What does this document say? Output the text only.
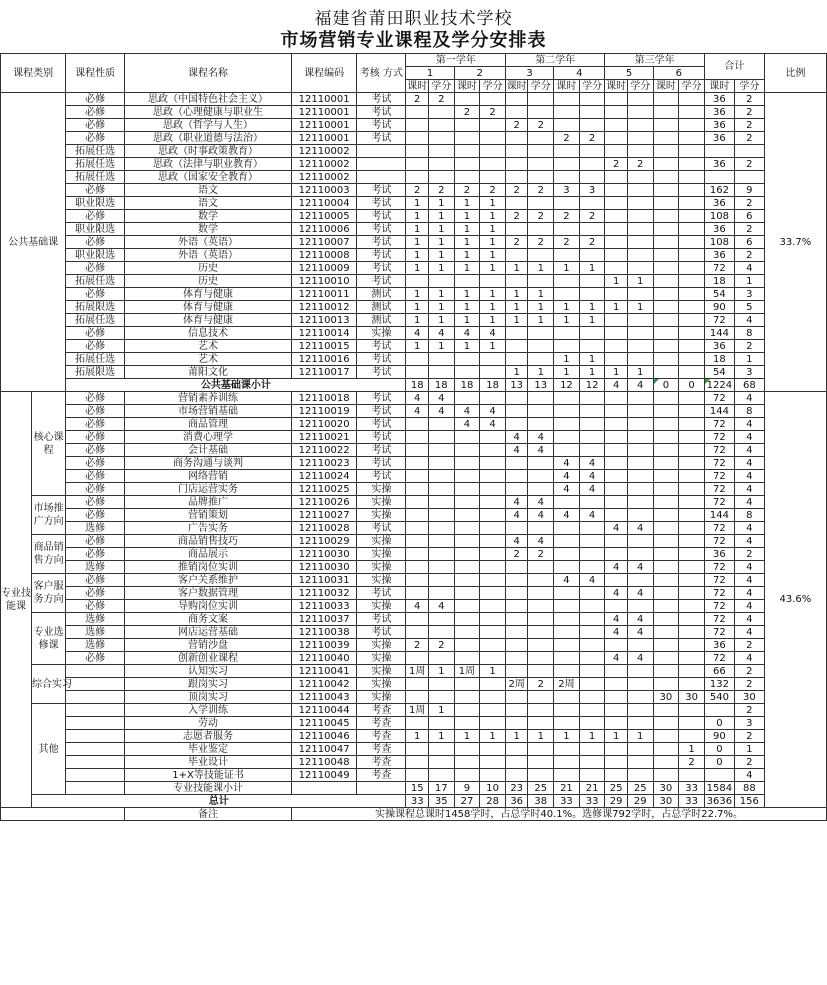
福建省莆田职业技术学校
市场营销专业课程及学分安排表
课程类别		课程性质	课程名称	课程编码	考核 方式	第一学年				第二学年				第三学年				合计		比例
						1		2		3		4		5		6				
						课时	学分	课时	学分	课时	学分	课时	学分	课时	学分	课时	学分	课时	学分	
公共基础课		必修	思政（中国特色社会主义）	12110001	考试	2	2											36	2	33.7%
		必修	思政（心理健康与职业生	12110001	考试			2	2									36	2	
		必修	思政（哲学与人生）	12110001	考试					2	2							36	2	
		必修	思政（职业道德与法治）	12110001	考试							2	2					36	2	
		拓展任选	思政（时事政策教育）	12110002																
		拓展任选	思政（法律与职业教育）	12110002										2	2			36	2	
		拓展任选	思政（国家安全教育）	12110002																
		必修	语文	12110003	考试	2	2	2	2	2	2	3	3					162	9	
		职业限选	语文	12110004	考试	1	1	1	1									36	2	
		必修	数学	12110005	考试	1	1	1	1	2	2	2	2					108	6	
		职业限选	数学	12110006	考试	1	1	1	1									36	2	
		必修	外语（英语）	12110007	考试	1	1	1	1	2	2	2	2					108	6	
		职业限选	外语（英语）	12110008	考试	1	1	1	1									36	2	
		必修	历史	12110009	考试	1	1	1	1	1	1	1	1					72	4	
		拓展任选	历史	12110010	考试									1	1			18	1	
		必修	体育与健康	12110011	测试	1	1	1	1	1	1							54	3	
		拓展限选	体育与健康	12110012	测试	1	1	1	1	1	1	1	1	1	1			90	5	
		拓展任选	体育与健康	12110013	测试	1	1	1	1	1	1	1	1					72	4	
		必修	信息技术	12110014	实操	4	4	4	4									144	8	
		必修	艺术	12110015	考试	1	1	1	1									36	2	
		拓展任选	艺术	12110016	考试							1	1					18	1	
		拓展限选	莆阳文化	12110017	考试					1	1	1	1	1	1			54	3	
		公共基础课小计				18	18	18	18	13	13	12	12	4	4	0	0	1224	68	
专业技能课	核心课程	必修	营销素养训练	12110018	考试	4	4											72	4	43.6%
		必修	市场营销基础	12110019	考试	4	4	4	4									144	8	
		必修	商品管理	12110020	考试			4	4									72	4	
		必修	消费心理学	12110021	考试					4	4							72	4	
		必修	会计基础	12110022	考试					4	4							72	4	
		必修	商务沟通与谈判	12110023	考试							4	4					72	4	
		必修	网络营销	12110024	考试							4	4					72	4	
		必修	门店运营实务	12110025	实操							4	4					72	4	
	市场推广方向	必修	品牌推广	12110026	实操					4	4							72	4	
		必修	营销策划	12110027	实操					4	4	4	4					144	8	
		选修	广告实务	12110028	考试									4	4			72	4	
	商品销售方向	必修	商品销售技巧	12110029	实操					4	4							72	4	
		必修	商品展示	12110030	实操					2	2							36	2	
		选修	推销岗位实训	12110030	实操									4	4			72	4	
	客户服务方向	必修	客户关系维护	12110031	实操							4	4					72	4	
		必修	客户数据管理	12110032	考试									4	4			72	4	
		必修	导购岗位实训	12110033	实操	4	4											72	4	
	专业选修课	选修	商务文案	12110037	考试									4	4			72	4	
		选修	网店运营基础	12110038	考试									4	4			72	4	
		选修	营销沙盘	12110039	实操	2	2											36	2	
		必修	创新创业课程	12110040	实操									4	4			72	4	
	综合实习		认知实习	12110041	实操	1周	1	1周	1									66	2	
			跟岗实习	12110042	实操					2周	2	2周						132	2	
			顶岗实习	12110043	实操											30	30	540	30	
	其他		入学训练	12110044	考查	1周	1												2	
			劳动	12110045	考查													0	3	
			志愿者服务	12110046	考查	1	1	1	1	1	1	1	1	1	1			90	2	
			毕业鉴定	12110047	考查												1	0	1	
			毕业设计	12110048	考查												2	0	2	
			1+X等技能证书	12110049	考查														4	
			专业技能课小计			15	17	9	10	23	25	21	21	25	25	30	33	1584	88	
	总计					33	35	27	28	36	38	33	33	29	29	30	33	3636	156	
			备注	实操课程总课时1458学时，占总学时40.1%。选修课792学时，占总学时22.7%。																
